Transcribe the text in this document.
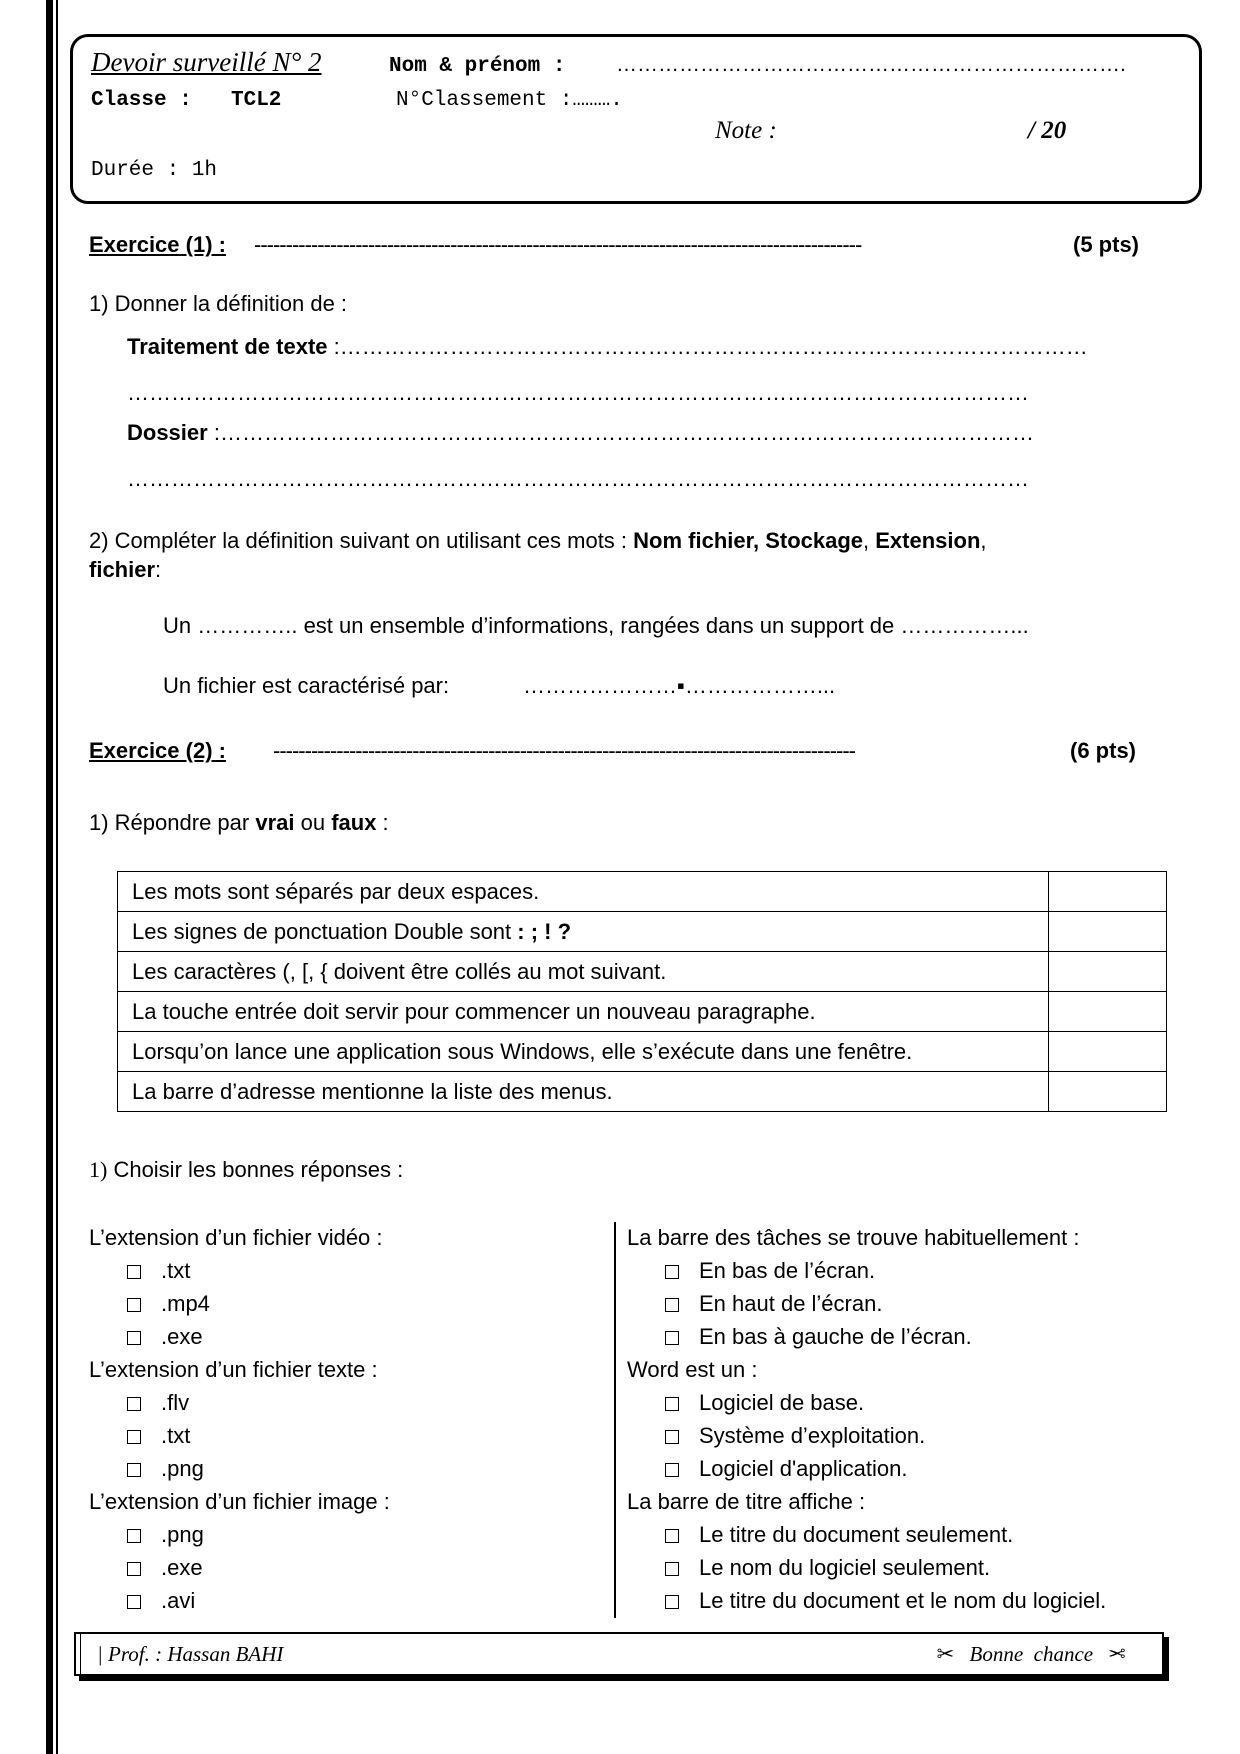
Devoir surveillé N° 2	Nom & prénom : ……………………………………………………………….
Classe : TCL2	N°Classement :……….
Note :	/ 20
Durée : 1h
Exercice (1) : ------------------------------------------------------------------------------------------------	(5 pts)
1) Donner la définition de :
Traitement de texte :…………………………………………………………………………………………
……………………………………………………………………………………………………………
Dossier :…………………………………………………………………………………………………
……………………………………………………………………………………………………………
2) Compléter la définition suivant on utilisant ces mots : Nom fichier, Stockage, Extension,
fichier:
Un ………….. est un ensemble d’informations, rangées dans un support de ……………...
Un fichier est caractérisé par:	…………………▪………………...
Exercice (2) : --------------------------------------------------------------------------------------------	(6 pts)
1) Répondre par vrai ou faux :
Les mots sont séparés par deux espaces.	
Les signes de ponctuation Double sont : ; ! ?	
Les caractères (, [, { doivent être collés au mot suivant.	
La touche entrée doit servir pour commencer un nouveau paragraphe.	
Lorsqu’on lance une application sous Windows, elle s’exécute dans une fenêtre.	
La barre d’adresse mentionne la liste des menus.	
1) Choisir les bonnes réponses :
L’extension d’un fichier vidéo :
.txt
.mp4
.exe
L’extension d’un fichier texte :
.flv
.txt
.png
L’extension d’un fichier image :
.png
.exe
.avi
La barre des tâches se trouve habituellement :
En bas de l’écran.
En haut de l’écran.
En bas à gauche de l’écran.
Word est un :
Logiciel de base.
Système d’exploitation.
Logiciel d'application.
La barre de titre affiche :
Le titre du document seulement.
Le nom du logiciel seulement.
Le titre du document et le nom du logiciel.
| Prof. : Hassan BAHI	✂ Bonne  chance ✂
